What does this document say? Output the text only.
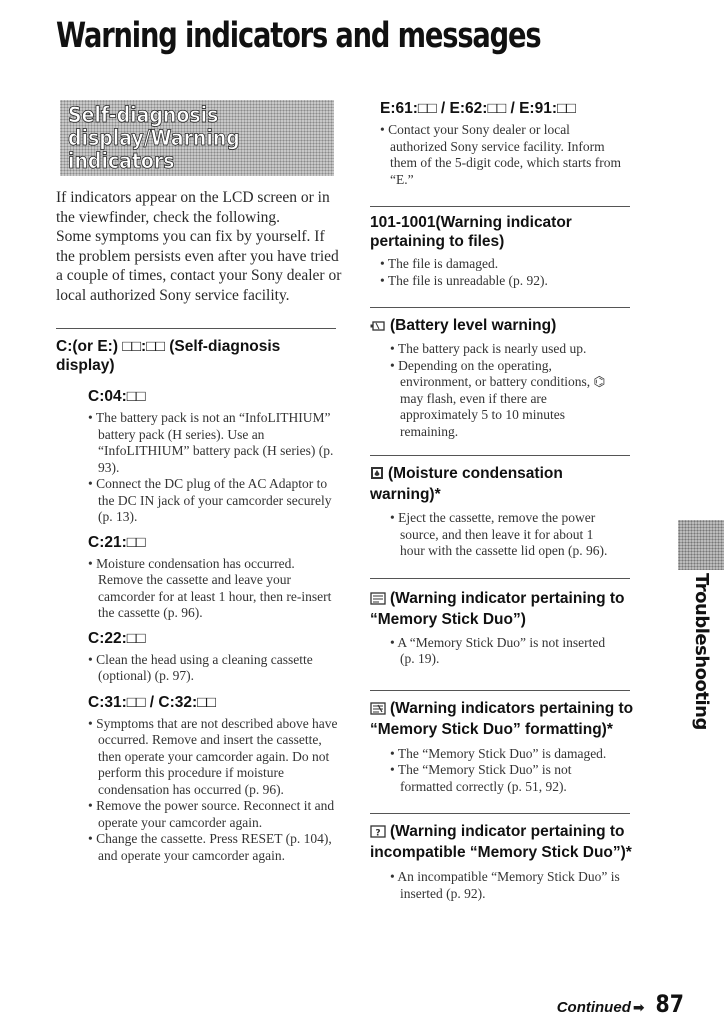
Warning indicators and messages
Self-diagnosis display/Warning indicators

If indicators appear on the LCD screen or in the viewfinder, check the following.

Some symptoms you can fix by yourself. If the problem persists even after you have tried a couple of times, contact your Sony dealer or local authorized Sony service facility.

C:(or E:) □□:□□ (Self-diagnosis display)
C:04:□□
• The battery pack is not an “InfoLITHIUM” battery pack (H series). Use an “InfoLITHIUM” battery pack (H series) (p. 93).
• Connect the DC plug of the AC Adaptor to the DC IN jack of your camcorder securely (p. 13).
C:21:□□
• Moisture condensation has occurred. Remove the cassette and leave your camcorder for at least 1 hour, then re-insert the cassette (p. 96).
C:22:□□
• Clean the head using a cleaning cassette (optional) (p. 97).
C:31:□□ / C:32:□□
• Symptoms that are not described above have occurred. Remove and insert the cassette, then operate your camcorder again. Do not perform this procedure if moisture condensation has occurred (p. 96).
• Remove the power source. Reconnect it and operate your camcorder again.
• Change the cassette. Press RESET (p. 104), and operate your camcorder again.
E:61:□□ / E:62:□□ / E:91:□□
• Contact your Sony dealer or local authorized Sony service facility. Inform them of the 5-digit code, which starts from “E.”
101-1001(Warning indicator pertaining to files)
• The file is damaged.
• The file is unreadable (p. 92).
(Battery level warning)
• The battery pack is nearly used up.
• Depending on the operating, environment, or battery conditions, ⌬ may flash, even if there are approximately 5 to 10 minutes remaining.
(Moisture condensation warning)*
• Eject the cassette, remove the power source, and then leave it for about 1 hour with the cassette lid open (p. 96).
(Warning indicator pertaining to “Memory Stick Duo”)
• A “Memory Stick Duo” is not inserted (p. 19).
(Warning indicators pertaining to “Memory Stick Duo” formatting)*
• The “Memory Stick Duo” is damaged.
• The “Memory Stick Duo” is not formatted correctly (p. 51, 92).
? (Warning indicator pertaining to incompatible “Memory Stick Duo”)*
• An incompatible “Memory Stick Duo” is inserted (p. 92).
Troubleshooting
Continued ➡ 87
